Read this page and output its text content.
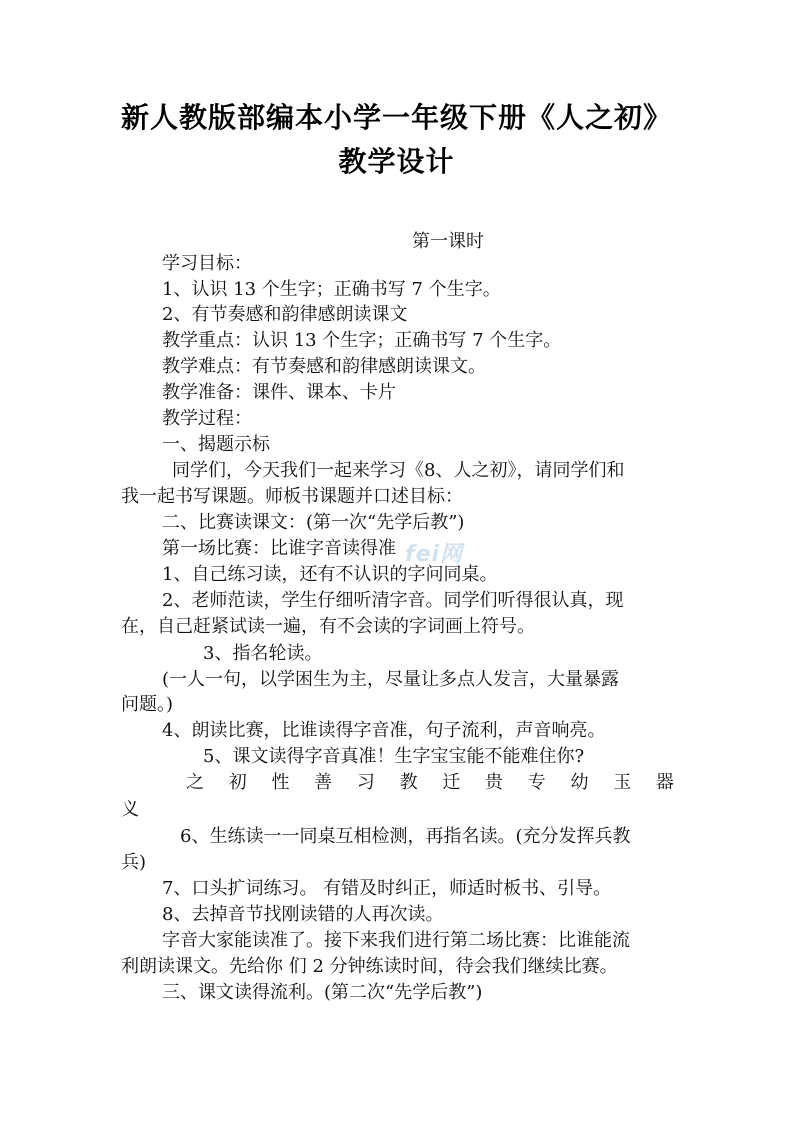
新人教版部编本小学一年级下册《人之初》
教学设计
第一课时
学习目标：
1、认识 13 个生字；正确书写 7 个生字。
2、有节奏感和韵律感朗读课文
教学重点：认识 13 个生字；正确书写 7 个生字。
教学难点：有节奏感和韵律感朗读课文。
教学准备：课件、课本、卡片
教学过程：
一、揭题示标
同学们，今天我们一起来学习《8、人之初》，请同学们和
我一起书写课题。师板书课题并口述目标：
二、比赛读课文：(第一次“先学后教”)
第一场比赛：比谁字音读得准 fei网
1、自己练习读，还有不认识的字问同桌。
2、老师范读，学生仔细听清字音。同学们听得很认真，现
在，自己赶紧试读一遍，有不会读的字词画上符号。
3、指名轮读。
(一人一句，以学困生为主，尽量让多点人发言，大量暴露
问题。)
4、朗读比赛，比谁读得字音准，句子流利，声音响亮。
5、课文读得字音真准！生字宝宝能不能难住你?
之 初 性 善 习 教 迁 贵 专 幼 玉 器
义
6、生练读一一同桌互相检测，再指名读。(充分发挥兵教
兵)
7、口头扩词练习。 有错及时纠正，师适时板书、引导。
8、去掉音节找刚读错的人再次读。
字音大家能读准了。接下来我们进行第二场比赛：比谁能流
利朗读课文。先给你 们 2 分钟练读时间，待会我们继续比赛。
三、课文读得流利。(第二次“先学后教”)
